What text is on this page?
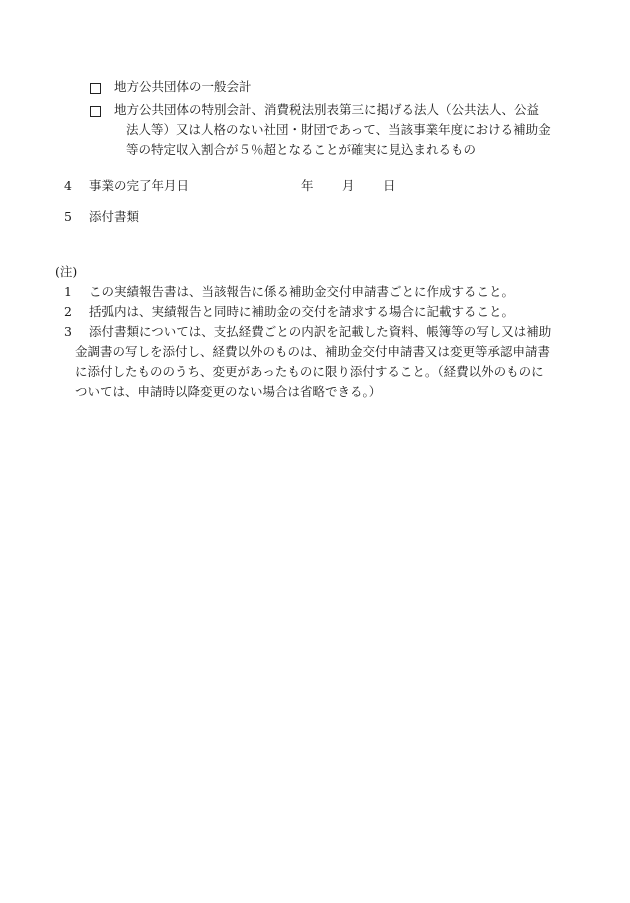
地方公共団体の一般会計
地方公共団体の特別会計、消費税法別表第三に掲げる法人（公共法人、公益
法人等）又は人格のない社団・財団であって、当該事業年度における補助金
等の特定収入割合が５％超となることが確実に見込まれるもの
4 事業の完了年月日	年 月 日
5 添付書類
(注)
1 この実績報告書は、当該報告に係る補助金交付申請書ごとに作成すること。
2 括弧内は、実績報告と同時に補助金の交付を請求する場合に記載すること。
3 添付書類については、支払経費ごとの内訳を記載した資料、帳簿等の写し又は補助
金調書の写しを添付し、経費以外のものは、補助金交付申請書又は変更等承認申請書
に添付したもののうち、変更があったものに限り添付すること。（経費以外のものに
ついては、申請時以降変更のない場合は省略できる。）
